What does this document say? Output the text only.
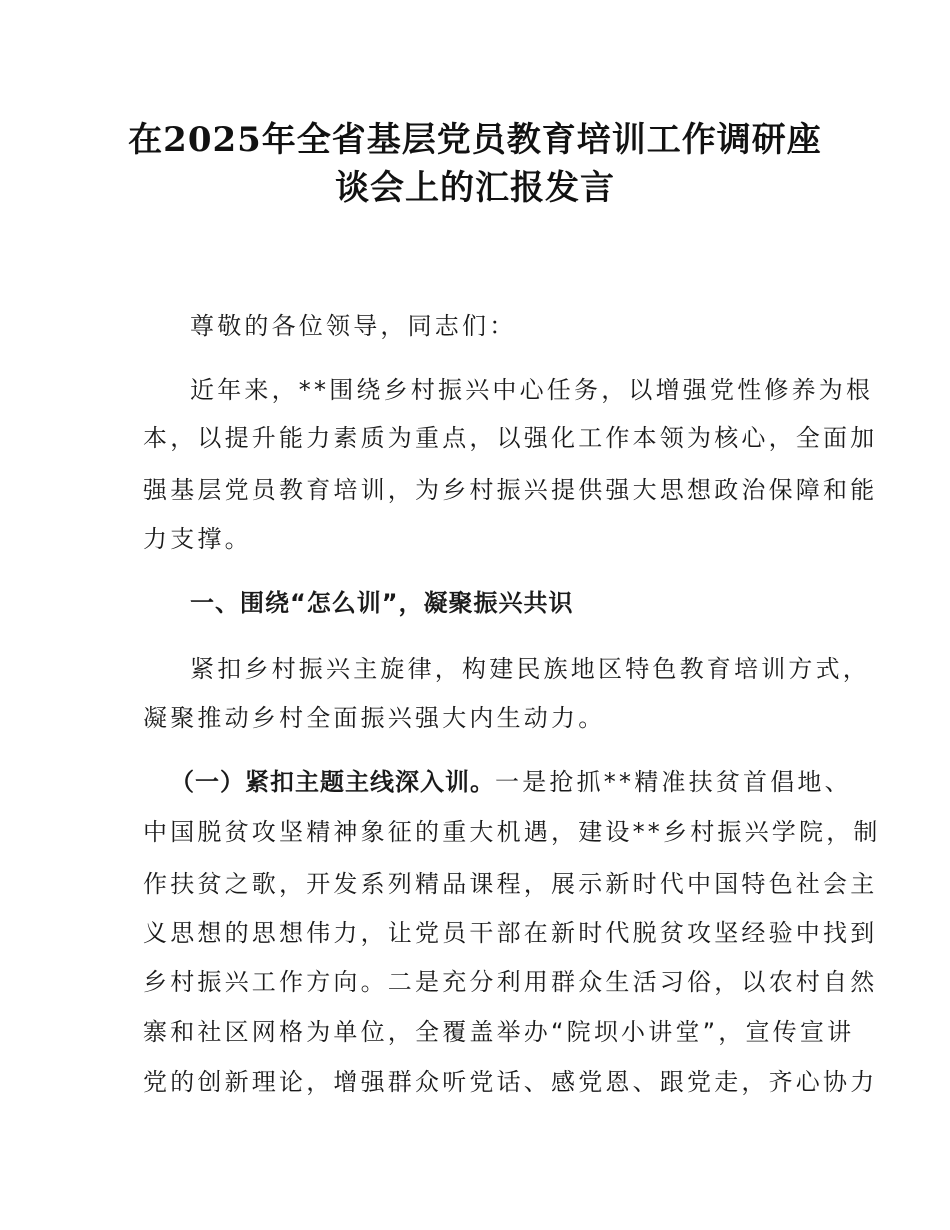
在2025年全省基层党员教育培训工作调研座
谈会上的汇报发言
尊敬的各位领导，同志们：
近年来，**围绕乡村振兴中心任务，以增强党性修养为根
本，以提升能力素质为重点，以强化工作本领为核心，全面加
强基层党员教育培训，为乡村振兴提供强大思想政治保障和能
力支撑。
一、围绕“怎么训”，凝聚振兴共识
紧扣乡村振兴主旋律，构建民族地区特色教育培训方式，
凝聚推动乡村全面振兴强大内生动力。
（一）紧扣主题主线深入训。一是抢抓**精准扶贫首倡地、
中国脱贫攻坚精神象征的重大机遇，建设**乡村振兴学院，制
作扶贫之歌，开发系列精品课程，展示新时代中国特色社会主
义思想的思想伟力，让党员干部在新时代脱贫攻坚经验中找到
乡村振兴工作方向。二是充分利用群众生活习俗，以农村自然
寨和社区网格为单位，全覆盖举办“院坝小讲堂”，宣传宣讲
党的创新理论，增强群众听党话、感党恩、跟党走，齐心协力
